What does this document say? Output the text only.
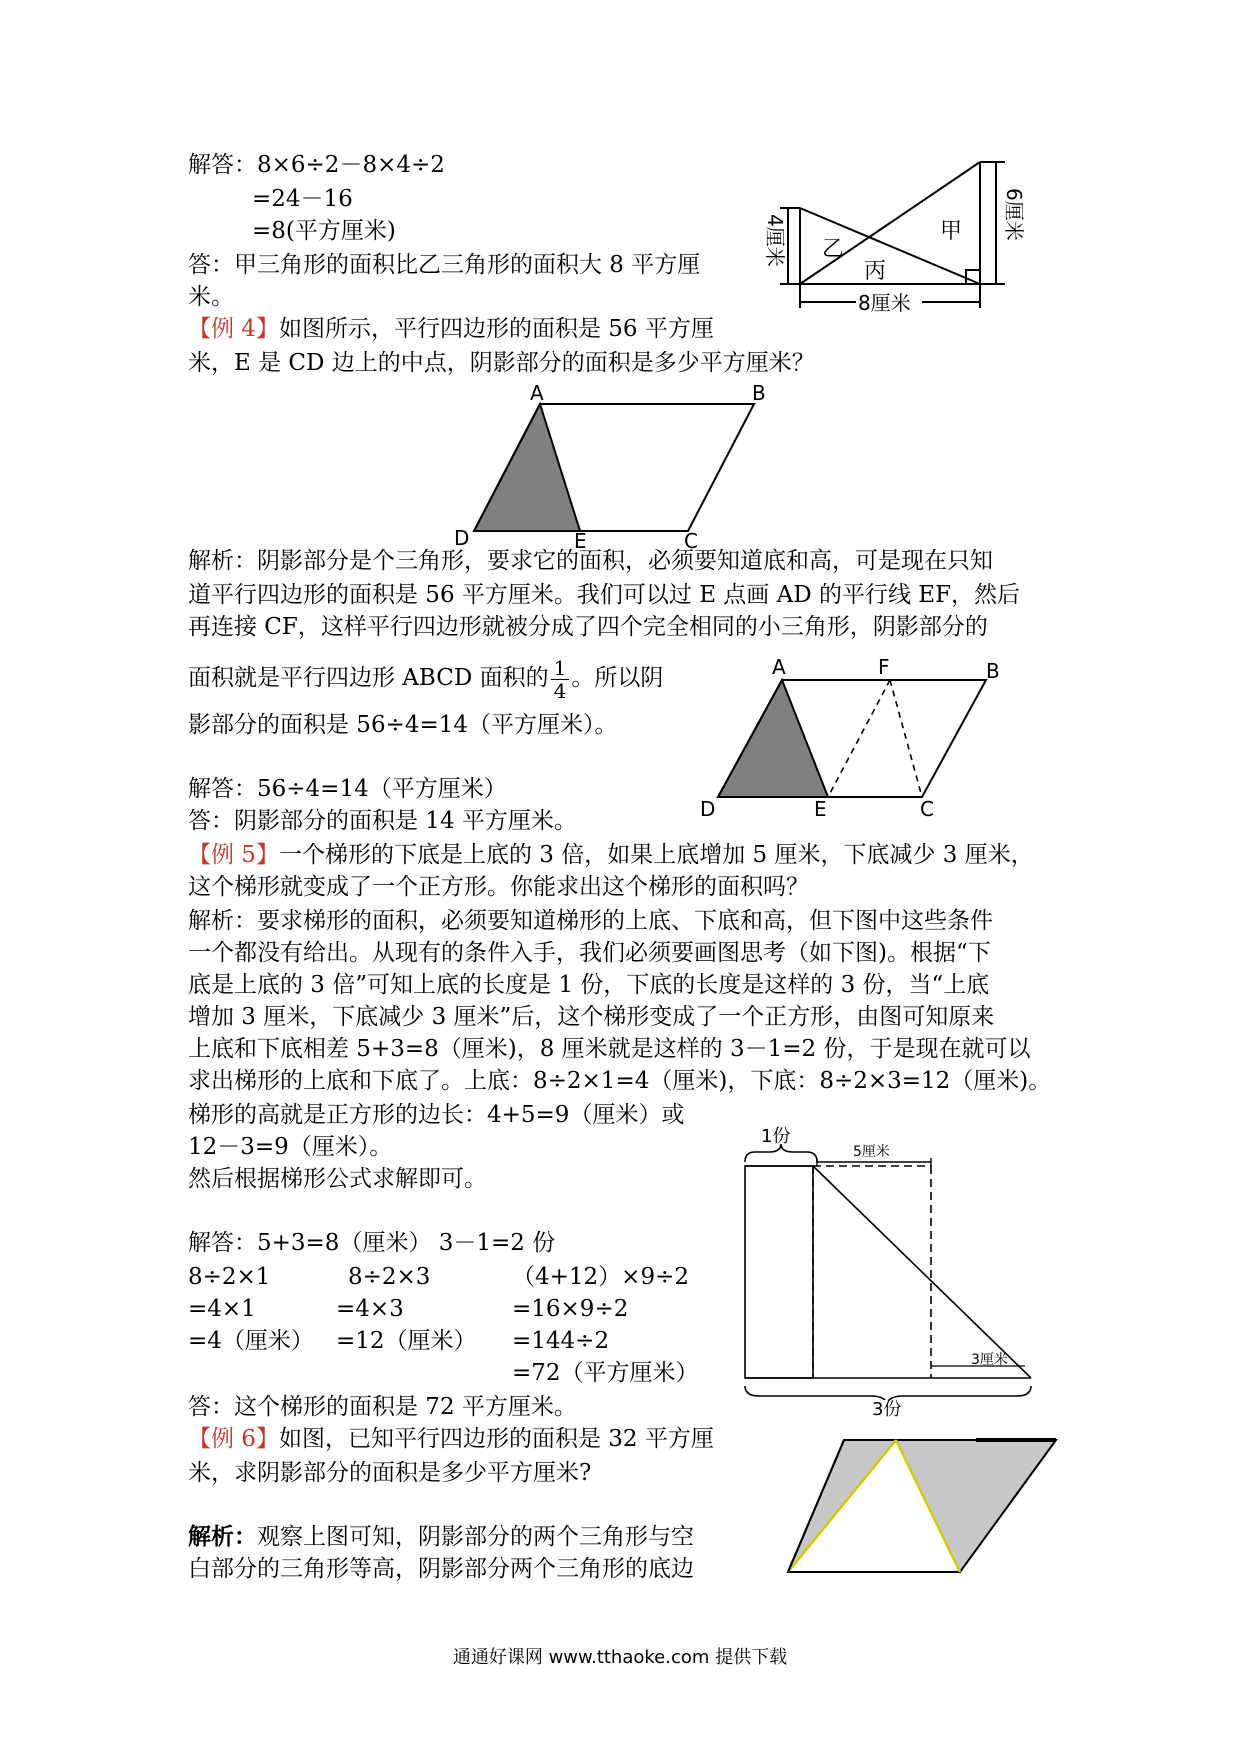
解答：8×6÷2－8×4÷2
=24－16
=8(平方厘米)
答：甲三角形的面积比乙三角形的面积大 8 平方厘
米。
甲
乙
丙
6厘米
4厘米
8厘米
【例 4】如图所示，平行四边形的面积是 56 平方厘
米，E 是 CD 边上的中点，阴影部分的面积是多少平方厘米？
A	B
C
D	E
解析：阴影部分是个三角形，要求它的面积，必须要知道底和高，可是现在只知
道平行四边形的面积是 56 平方厘米。我们可以过 E 点画 AD 的平行线 EF，然后
再连接 CF，这样平行四边形就被分成了四个完全相同的小三角形，阴影部分的
面积就是平行四边形 ABCD 面积的 $\frac{1}{4}$ 。所以阴
影部分的面积是 56÷4=14（平方厘米）。
A	F	B
C
D	E
解答：56÷4=14（平方厘米）
答：阴影部分的面积是 14 平方厘米。
【例 5】一个梯形的下底是上底的 3 倍，如果上底增加 5 厘米，下底减少 3 厘米，
这个梯形就变成了一个正方形。你能求出这个梯形的面积吗？
解析：要求梯形的面积，必须要知道梯形的上底、下底和高，但下图中这些条件
一个都没有给出。从现有的条件入手，我们必须要画图思考（如下图)。根据“下
底是上底的 3 倍”可知上底的长度是 1 份，下底的长度是这样的 3 份，当“上底
增加 3 厘米，下底减少 3 厘米”后，这个梯形变成了一个正方形，由图可知原来
上底和下底相差 5+3=8（厘米)，8 厘米就是这样的 3－1=2 份，于是现在就可以
求出梯形的上底和下底了。上底：8÷2×1=4（厘米)，下底：8÷2×3=12（厘米)。
梯形的高就是正方形的边长：4+5=9（厘米）或
12－3=9（厘米）。
然后根据梯形公式求解即可。
1份
5厘米
3厘米
3份
解答：5+3=8（厘米） 3－1=2 份
8÷2×1
=4×1
=4（厘米）
8÷2×3
=4×3
=12（厘米）
（4+12）×9÷2
=16×9÷2
=144÷2
=72（平方厘米）
答：这个梯形的面积是 72 平方厘米。
【例 6】如图，已知平行四边形的面积是 32 平方厘
米，求阴影部分的面积是多少平方厘米?
解析：观察上图可知，阴影部分的两个三角形与空
白部分的三角形等高，阴影部分两个三角形的底边
通通好课网 www.tthaoke.com 提供下载
